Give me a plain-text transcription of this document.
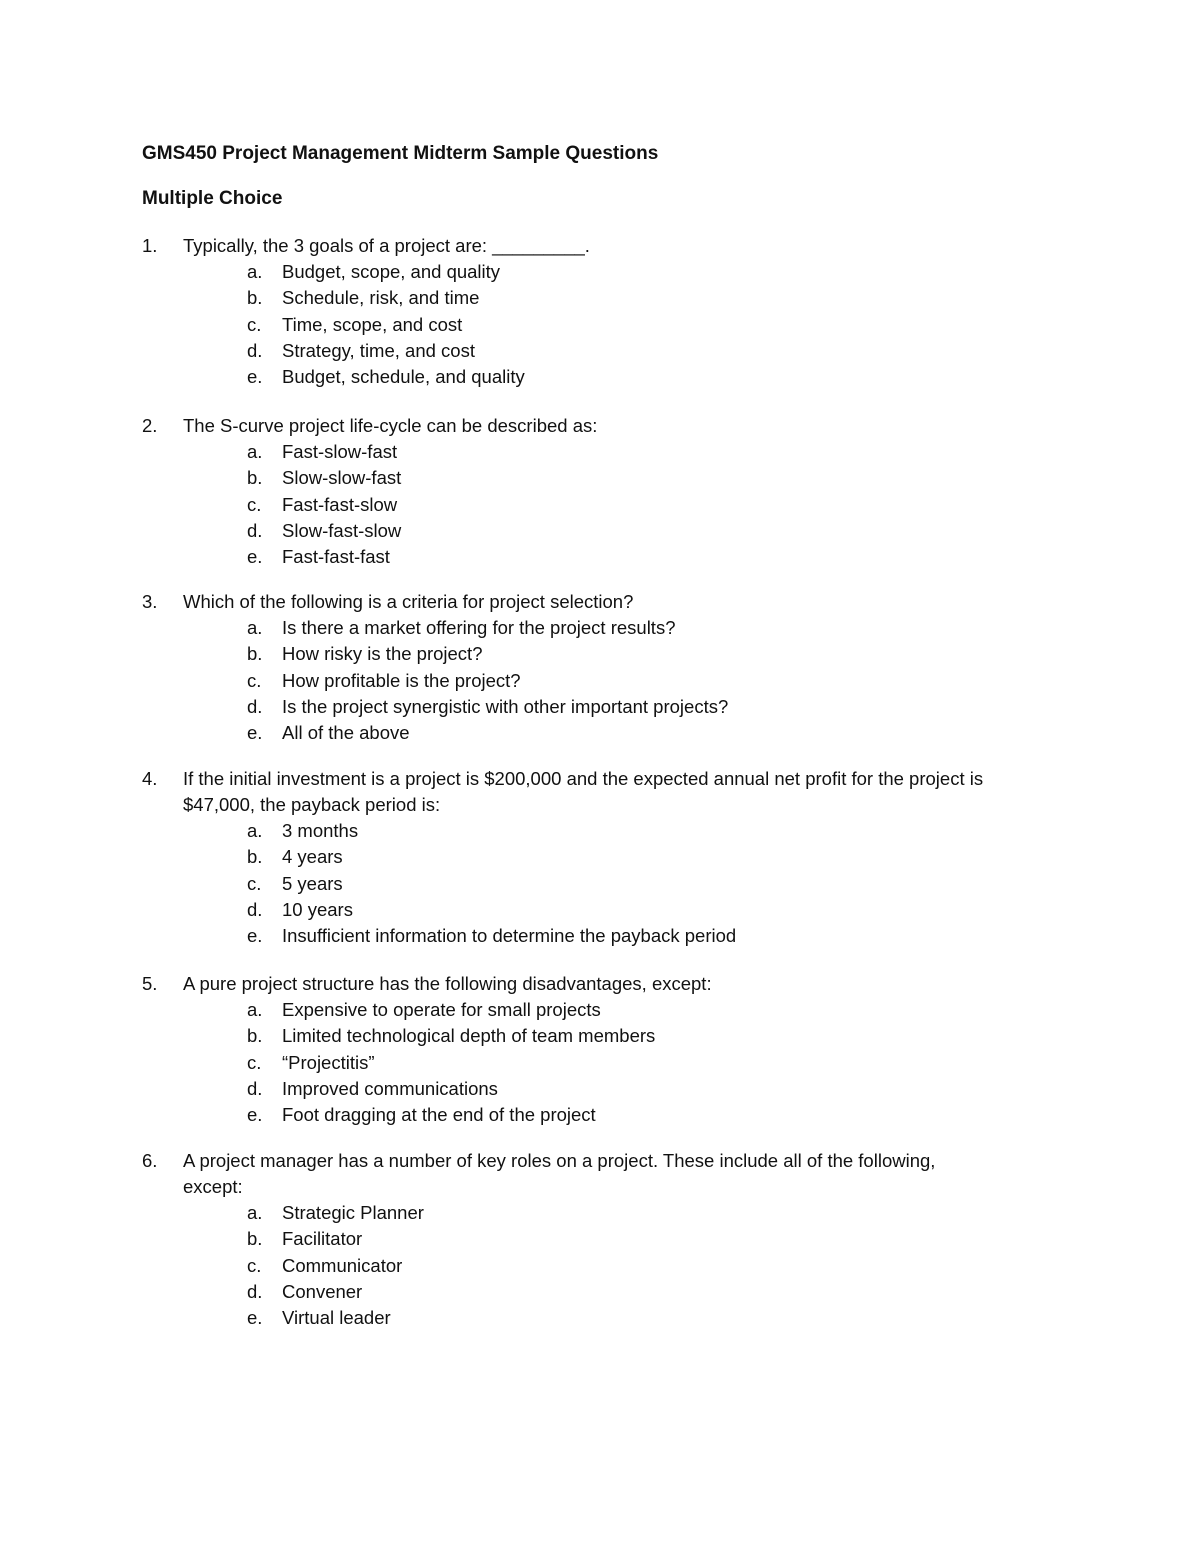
GMS450 Project Management Midterm Sample Questions
Multiple Choice
1. Typically, the 3 goals of a project are: _________.
a. Budget, scope, and quality
b. Schedule, risk, and time
c. Time, scope, and cost
d. Strategy, time, and cost
e. Budget, schedule, and quality
2. The S-curve project life-cycle can be described as:
a. Fast-slow-fast
b. Slow-slow-fast
c. Fast-fast-slow
d. Slow-fast-slow
e. Fast-fast-fast
3. Which of the following is a criteria for project selection?
a. Is there a market offering for the project results?
b. How risky is the project?
c. How profitable is the project?
d. Is the project synergistic with other important projects?
e. All of the above
4. If the initial investment is a project is $200,000 and the expected annual net profit for the project is
$47,000, the payback period is:
a. 3 months
b. 4 years
c. 5 years
d. 10 years
e. Insufficient information to determine the payback period
5. A pure project structure has the following disadvantages, except:
a. Expensive to operate for small projects
b. Limited technological depth of team members
c. “Projectitis”
d. Improved communications
e. Foot dragging at the end of the project
6. A project manager has a number of key roles on a project. These include all of the following,
except:
a. Strategic Planner
b. Facilitator
c. Communicator
d. Convener
e. Virtual leader
